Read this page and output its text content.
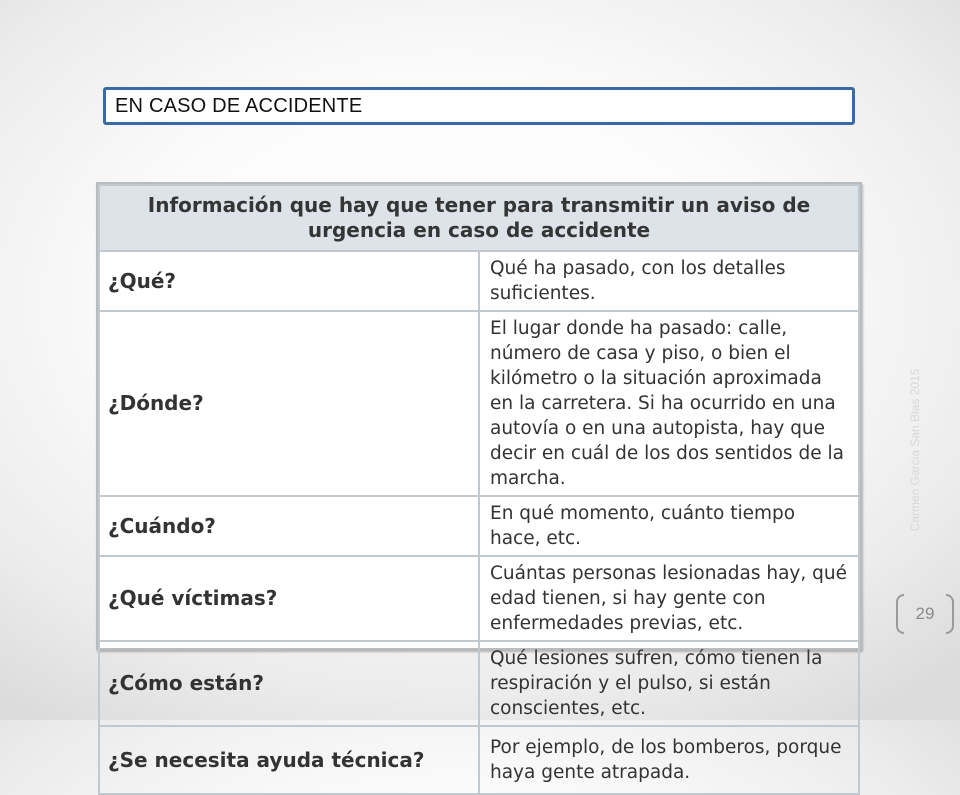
EN CASO DE ACCIDENTE
Información que hay que tener para transmitir un aviso de urgencia en caso de accidente	
¿Qué?	Qué ha pasado, con los detalles suficientes.
¿Dónde?	El lugar donde ha pasado: calle, número de casa y piso, o bien el kilómetro o la situación aproximada en la carretera. Si ha ocurrido en una autovía o en una autopista, hay que decir en cuál de los dos sentidos de la marcha.
¿Cuándo?	En qué momento, cuánto tiempo hace, etc.
¿Qué víctimas?	Cuántas personas lesionadas hay, qué edad tienen, si hay gente con enfermedades previas, etc.
¿Cómo están?	Qué lesiones sufren, cómo tienen la respiración y el pulso, si están conscientes, etc.
¿Se necesita ayuda técnica?	Por ejemplo, de los bomberos, porque haya gente atrapada.
Carmen Garcia San Blas 2015
29
